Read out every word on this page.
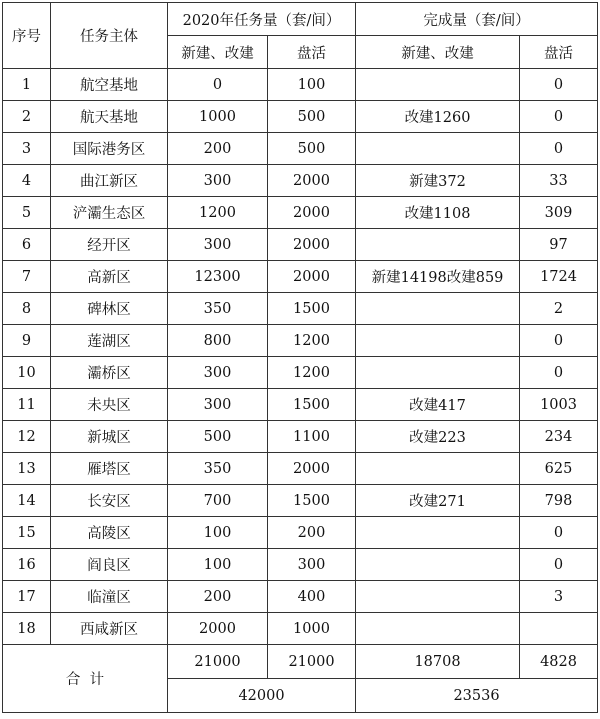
序号	任务主体	2020年任务量（套/间）		完成量（套/间）	
		新建、改建	盘活	新建、改建	盘活
1	航空基地	0	100		0
2	航天基地	1000	500	改建1260	0
3	国际港务区	200	500		0
4	曲江新区	300	2000	新建372	33
5	浐灞生态区	1200	2000	改建1108	309
6	经开区	300	2000		97
7	高新区	12300	2000	新建14198改建859	1724
8	碑林区	350	1500		2
9	莲湖区	800	1200		0
10	灞桥区	300	1200		0
11	未央区	300	1500	改建417	1003
12	新城区	500	1100	改建223	234
13	雁塔区	350	2000		625
14	长安区	700	1500	改建271	798
15	高陵区	100	200		0
16	阎良区	100	300		0
17	临潼区	200	400		3
18	西咸新区	2000	1000		
合  计		21000	21000	18708	4828
		42000		23536	
